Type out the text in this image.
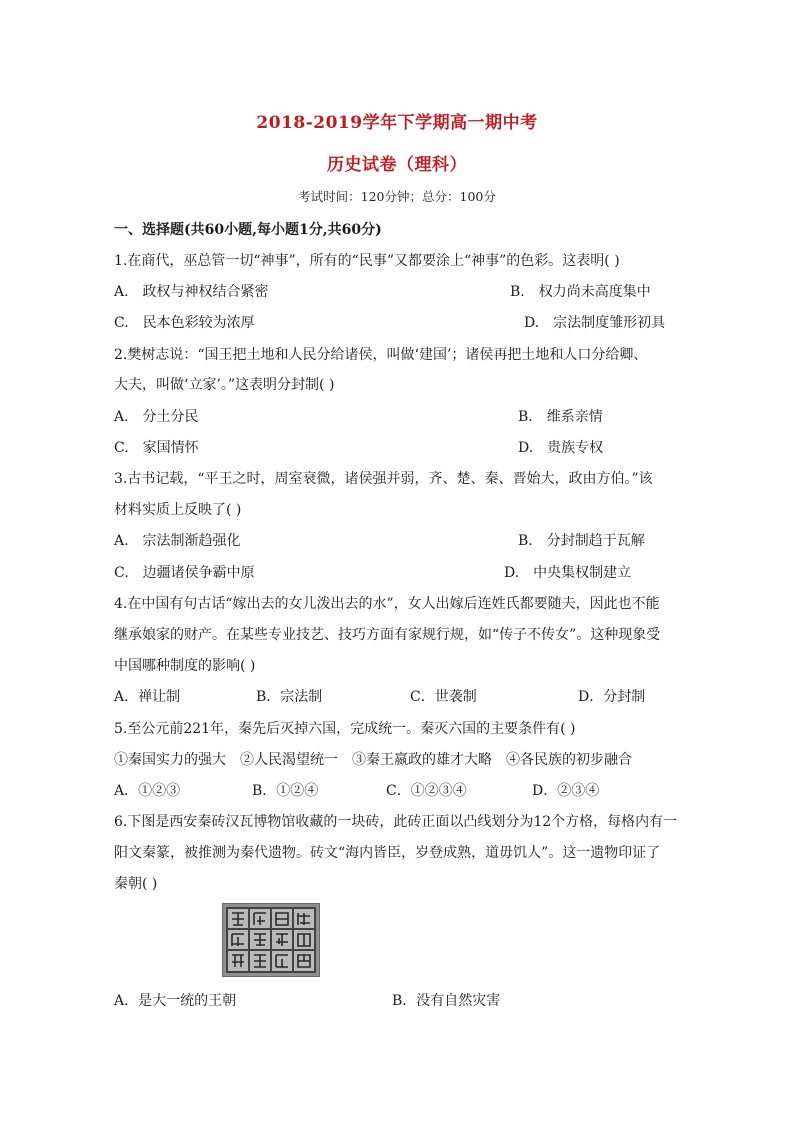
2018-2019学年下学期高一期中考
历史试卷（理科）
考试时间：120分钟；总分：100分
一、选择题(共60小题,每小题1分,共60分)
1.在商代，巫总管一切“神事”，所有的“民事”又都要涂上“神事”的色彩。这表明( )
A.　政权与神权结合紧密	B.　权力尚未高度集中
C.　民本色彩较为浓厚	D.　宗法制度雏形初具
2.樊树志说：“国王把土地和人民分给诸侯，叫做‘建国’；诸侯再把土地和人口分给卿、
大夫，叫做‘立家’。”这表明分封制( )
A.　分土分民	B.　维系亲情
C.　家国情怀	D.　贵族专权
3.古书记载，“平王之时，周室衰微，诸侯强并弱，齐、楚、秦、晋始大，政由方伯。”该
材料实质上反映了( )
A.　宗法制渐趋强化	B.　分封制趋于瓦解
C.　边疆诸侯争霸中原	D.　中央集权制建立
4.在中国有句古话“嫁出去的女儿泼出去的水”，女人出嫁后连姓氏都要随夫，因此也不能
继承娘家的财产。在某些专业技艺、技巧方面有家规行规，如“传子不传女”。这种现象受
中国哪种制度的影响( )
A．禅让制	B．宗法制	C．世袭制	D．分封制
5.至公元前221年，秦先后灭掉六国，完成统一。秦灭六国的主要条件有( )
①秦国实力的强大　②人民渴望统一　③秦王嬴政的雄才大略　④各民族的初步融合
A．①②③	B．①②④	C．①②③④	D．②③④
6.下图是西安秦砖汉瓦博物馆收藏的一块砖，此砖正面以凸线划分为12个方格，每格内有一
阳文秦篆，被推测为秦代遗物。砖文“海内皆臣，岁登成熟，道毋饥人”。这一遗物印证了
秦朝( )
A．是大一统的王朝	B．没有自然灾害
